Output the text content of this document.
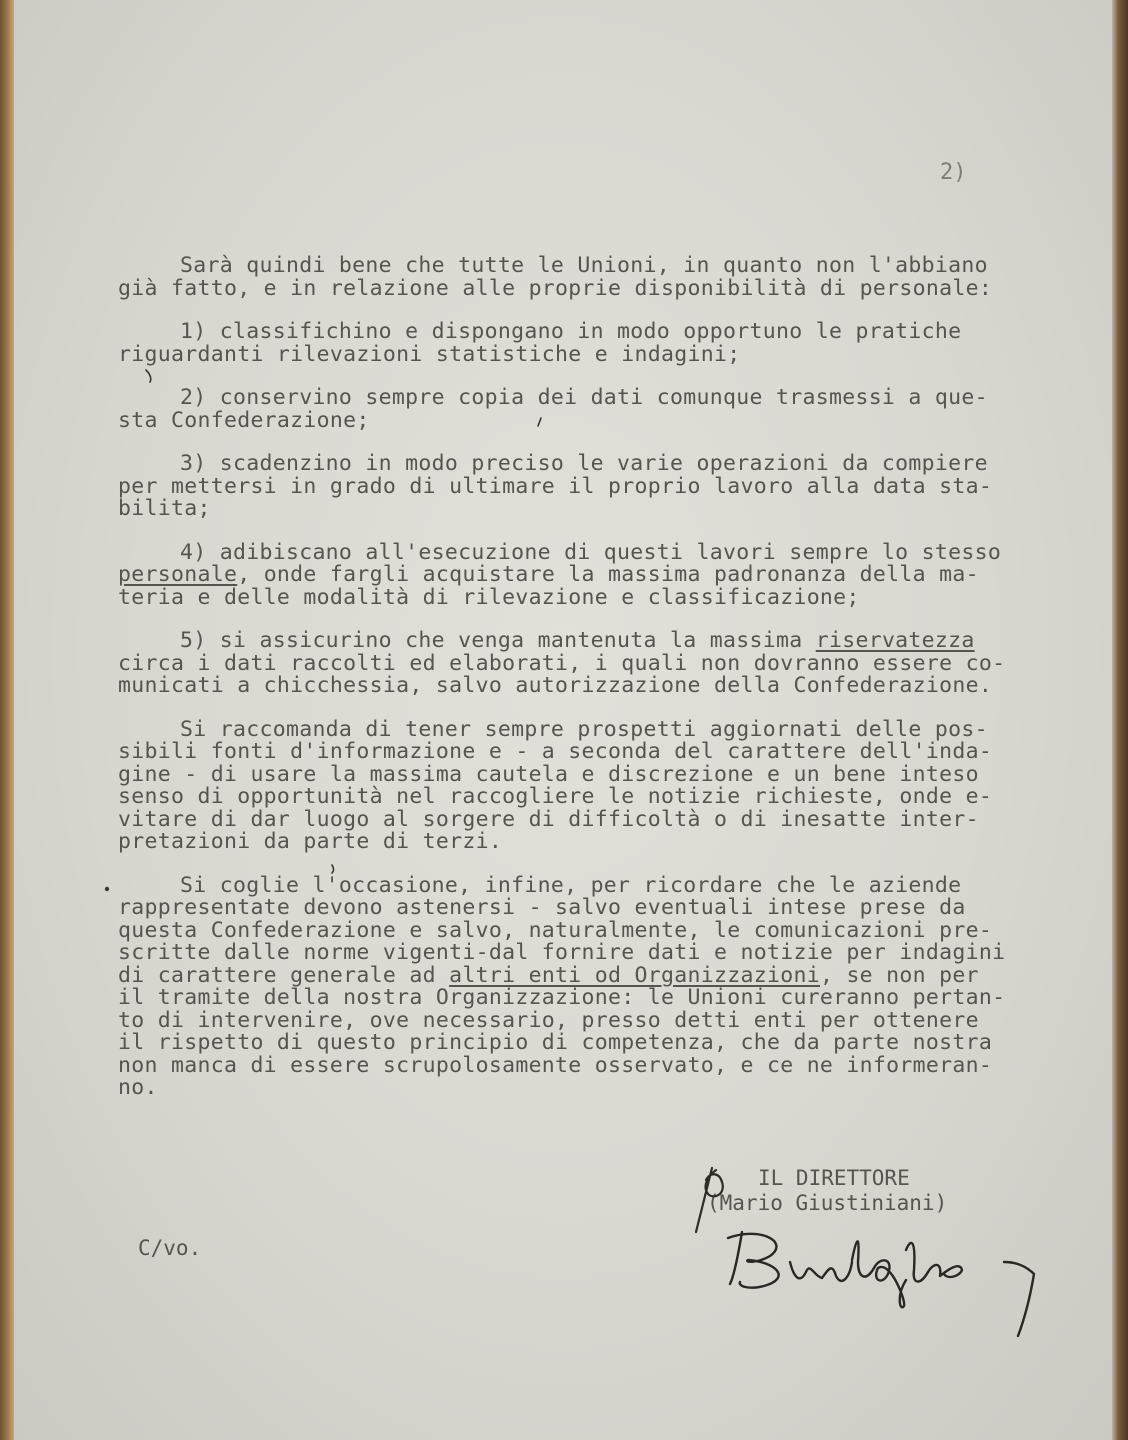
2)

Sarà quindi bene che tutte le Unioni, in quanto non l'abbiano
già fatto, e in relazione alle proprie disponibilità di personale:

1) classifichino e dispongano in modo opportuno le pratiche
riguardanti rilevazioni statistiche e indagini;

2) conservino sempre copia dei dati comunque trasmessi a que-
sta Confederazione;

3) scadenzino in modo preciso le varie operazioni da compiere
per mettersi in grado di ultimare il proprio lavoro alla data sta-
bilita;

4) adibiscano all'esecuzione di questi lavori sempre lo stesso
personale, onde fargli acquistare la massima padronanza della ma-
teria e delle modalità di rilevazione e classificazione;

5) si assicurino che venga mantenuta la massima riservatezza
circa i dati raccolti ed elaborati, i quali non dovranno essere co-
municati a chicchessia, salvo autorizzazione della Confederazione.

Si raccomanda di tener sempre prospetti aggiornati delle pos-
sibili fonti d'informazione e - a seconda del carattere dell'inda-
gine - di usare la massima cautela e discrezione e un bene inteso
senso di opportunità nel raccogliere le notizie richieste, onde e-
vitare di dar luogo al sorgere di difficoltà o di inesatte inter-
pretazioni da parte di terzi.

Si coglie l'occasione, infine, per ricordare che le aziende
rappresentate devono astenersi - salvo eventuali intese prese da
questa Confederazione e salvo, naturalmente, le comunicazioni pre-
scritte dalle norme vigenti-dal fornire dati e notizie per indagini
di carattere generale ad altri enti od Organizzazioni, se non per
il tramite della nostra Organizzazione: le Unioni cureranno pertan-
to di intervenire, ove necessario, presso detti enti per ottenere
il rispetto di questo principio di competenza, che da parte nostra
non manca di essere scrupolosamente osservato, e ce ne informeran-
no.

IL DIRETTORE
(Mario Giustiniani)
C/vo.
